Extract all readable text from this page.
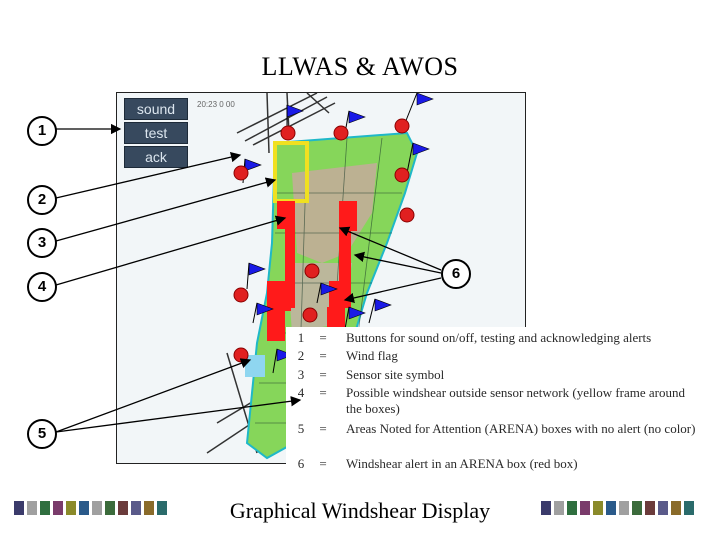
LLWAS & AWOS
20:23 0 00
sound
test
ack
1 = Buttons for sound on/off, testing and acknowledging alerts
2 = Wind flag
3 = Sensor site symbol
4 = Possible windshear outside sensor network (yellow frame around the boxes)
5 = Areas Noted for Attention (ARENA) boxes with no alert (no color)
6 = Windshear alert in an ARENA box (red box)
1
2
3
4
5
6
Graphical Windshear Display
